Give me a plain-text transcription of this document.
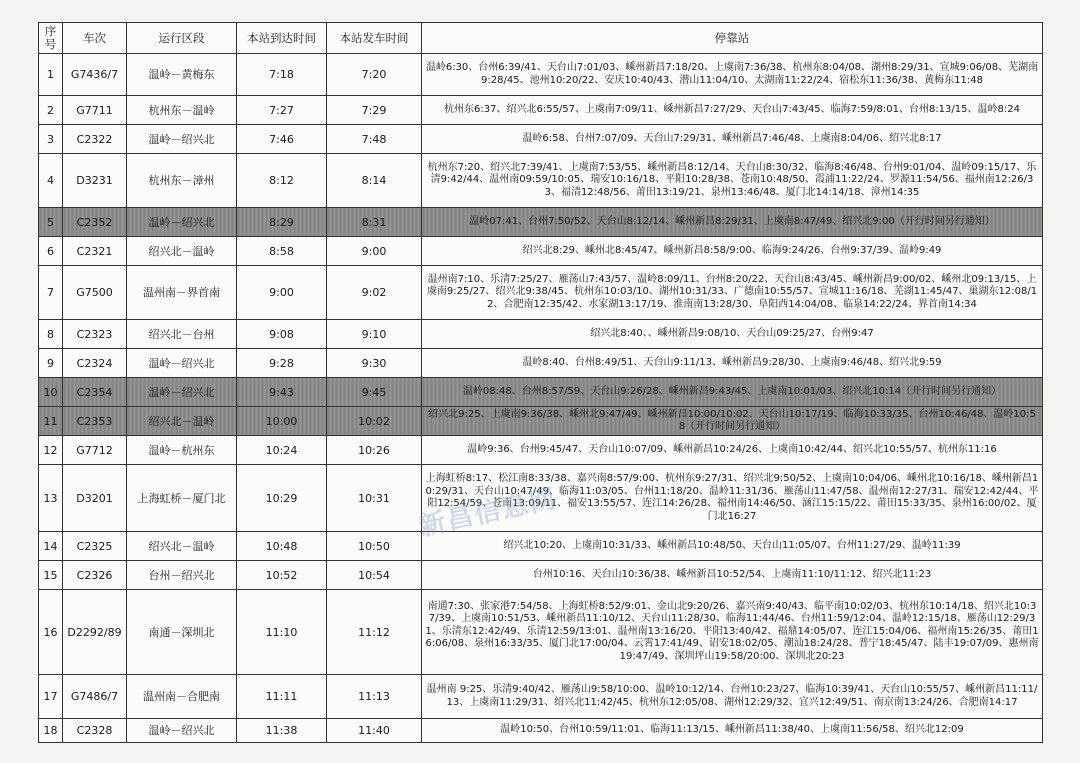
序号	车次	运行区段	本站到达时间	本站发车时间	停靠站
1	G7436/7	温岭－黄梅东	7:18	7:20	温岭6:30、台州6:39/41、天台山7:01/03、嵊州新昌7:18/20、上虞南7:36/38、杭州东8:04/08、湖州8:29/31、宣城9:06/08、芜湖南9:28/45、池州10:20/22、安庆10:40/43、潜山11:04/10、太湖南11:22/24、宿松东11:36/38、黄梅东11:48
2	G7711	杭州东－温岭	7:27	7:29	杭州东6:37、绍兴北6:55/57、上虞南7:09/11、嵊州新昌7:27/29、天台山7:43/45、临海7:59/8:01、台州8:13/15、温岭8:24
3	C2322	温岭－绍兴北	7:46	7:48	温岭6:58、台州7:07/09、天台山7:29/31、嵊州新昌7:46/48、上虞南8:04/06、绍兴北8:17
4	D3231	杭州东－漳州	8:12	8:14	杭州东7:20、绍兴北7:39/41、上虞南7:53/55、嵊州新昌8:12/14、天台山8:30/32、临海8:46/48、台州9:01/04、温岭09:15/17、乐清9:42/44、温州南09:59/10:05、瑞安10:16/18、平阳10:28/38、苍南10:48/50、霞浦11:22/24、罗源11:54/56、福州南12:26/33、福清12:48/56、莆田13:19/21、泉州13:46/48、厦门北14:14/18、漳州14:35
5	C2352	温岭－绍兴北	8:29	8:31	温岭07:41、台州7:50/52、天台山8:12/14、嵊州新昌8:29/31、上虞南8:47/49、绍兴北9:00（开行时间另行通知）
6	C2321	绍兴北－温岭	8:58	9:00	绍兴北8:29、嵊州北8:45/47、嵊州新昌8:58/9:00、临海9:24/26、台州9:37/39、温岭9:49
7	G7500	温州南－界首南	9:00	9:02	温州南7:10、乐清7:25/27、雁荡山7:43/57、温岭8:09/11、台州8:20/22、天台山8:43/45、嵊州新昌9:00/02、嵊州北09:13/15、上虞南9:25/27、绍兴北9:38/45、杭州东10:03/10、湖州10:31/33、广德南10:55/57、宣城11:16/18、芜湖11:45/47、巢湖东12:08/12、合肥南12:35/42、水家湖13:17/19、淮南南13:28/30、阜阳西14:04/08、临泉14:22/24、界首南14:34
8	C2323	绍兴北－台州	9:08	9:10	绍兴北8:40、、嵊州新昌9:08/10、天台山09:25/27、台州9:47
9	C2324	温岭－绍兴北	9:28	9:30	温岭8:40、台州8:49/51、天台山9:11/13、嵊州新昌9:28/30、上虞南9:46/48、绍兴北9:59
10	C2354	温岭－绍兴北	9:43	9:45	温岭08:48、台州8:57/59、天台山9:26/28、嵊州新昌9:43/45、上虞南10:01/03、绍兴北10:14（开行时间另行通知）
11	C2353	绍兴北－温岭	10:00	10:02	绍兴北9:25、上虞南9:36/38、嵊州北9:47/49、嵊州新昌10:00/10:02、天台山10:17/19、临海10:33/35、台州10:46/48、温岭10:58（开行时间另行通知）
12	G7712	温岭－杭州东	10:24	10:26	温岭9:36、台州9:45/47、天台山10:07/09、嵊州新昌10:24/26、上虞南10:42/44、绍兴北10:55/57、杭州东11:16
13	D3201	上海虹桥－厦门北	10:29	10:31	上海虹桥8:17、松江南8:33/38、嘉兴南8:57/9:00、杭州东9:27/31、绍兴北9:50/52、上虞南10:04/06、嵊州北10:16/18、嵊州新昌10:29/31、天台山10:47/49、临海11:03/05、台州11:18/20、温岭11:31/36、雁荡山11:47/58、温州南12:27/31、瑞安12:42/44、平阳12:54/59、苍南13:09/11、福安13:55/57、连江14:26/28、福州南14:46/50、涵江15:15/22、莆田15:33/35、泉州16:00/02、厦门北16:27
14	C2325	绍兴北－温岭	10:48	10:50	绍兴北10:20、上虞南10:31/33、嵊州新昌10:48/50、天台山11:05/07、台州11:27/29、温岭11:39
15	C2326	台州－绍兴北	10:52	10:54	台州10:16、天台山10:36/38、嵊州新昌10:52/54、上虞南11:10/11:12、绍兴北11:23
16	D2292/89	南通－深圳北	11:10	11:12	南通7:30、张家港7:54/58、上海虹桥8:52/9:01、金山北9:20/26、嘉兴南9:40/43、临平南10:02/03、杭州东10:14/18、绍兴北10:37/39、上虞南10:51/53、嵊州新昌11:10/12、天台山11:28/30、临海11:44/46、台州11:59/12:04、温岭12:15/18、雁荡山12:29/31、乐清东12:42/49、乐清12:59/13:01、温州南13:16/20、平阳13:40/42、福鼎14:05/07、连江15:04/06、福州南15:26/35、莆田16:06/08、泉州16:33/35、厦门北17:00/04、云霄17:41/49、诏安18:02/05、潮汕18:24/28、普宁18:45/47、陆丰19:07/09、惠州南19:47/49、深圳坪山19:58/20:00、深圳北20:23
17	G7486/7	温州南－合肥南	11:11	11:13	温州南 9:25、乐清9:40/42、雁荡山9:58/10:00、温岭10:12/14、台州10:23/27、临海10:39/41、天台山10:55/57、嵊州新昌11:11/13、上虞南11:29/31、绍兴北11:42/45、杭州东12:05/08、湖州12:29/32、宜兴12:49/51、南京南13:24/26、合肥南14:17
18	C2328	温岭－绍兴北	11:38	11:40	温岭10:50、台州10:59/11:01、临海11:13/15、嵊州新昌11:38/40、上虞南11:56/58、绍兴北12:09
新昌信息网
